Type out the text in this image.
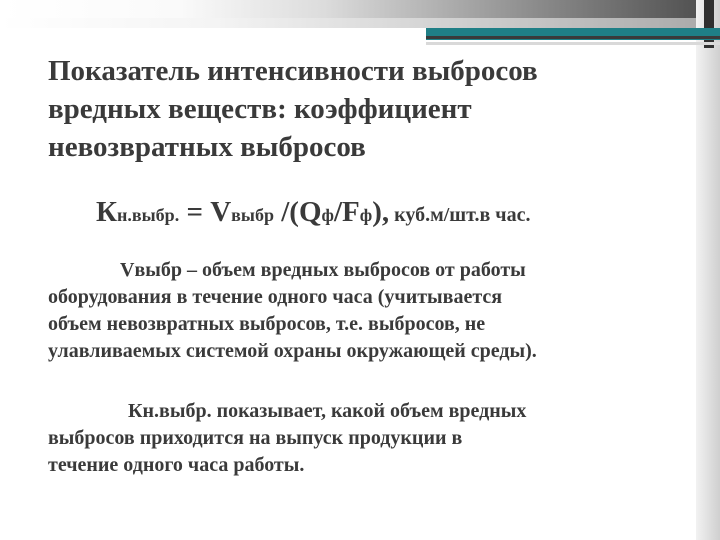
Показатель интенсивности выбросов
вредных веществ: коэффициент
невозвратных выбросов
Кн.выбр. = Vвыбр /(Qф/Fф), куб.м/шт.в час.

Vвыбр – объем вредных выбросов от работы
оборудования в течение одного часа (учитывается
объем невозвратных выбросов, т.е. выбросов, не
улавливаемых системой охраны окружающей среды).

Кн.выбр. показывает, какой объем вредных
выбросов приходится на выпуск продукции в
течение одного часа работы.
